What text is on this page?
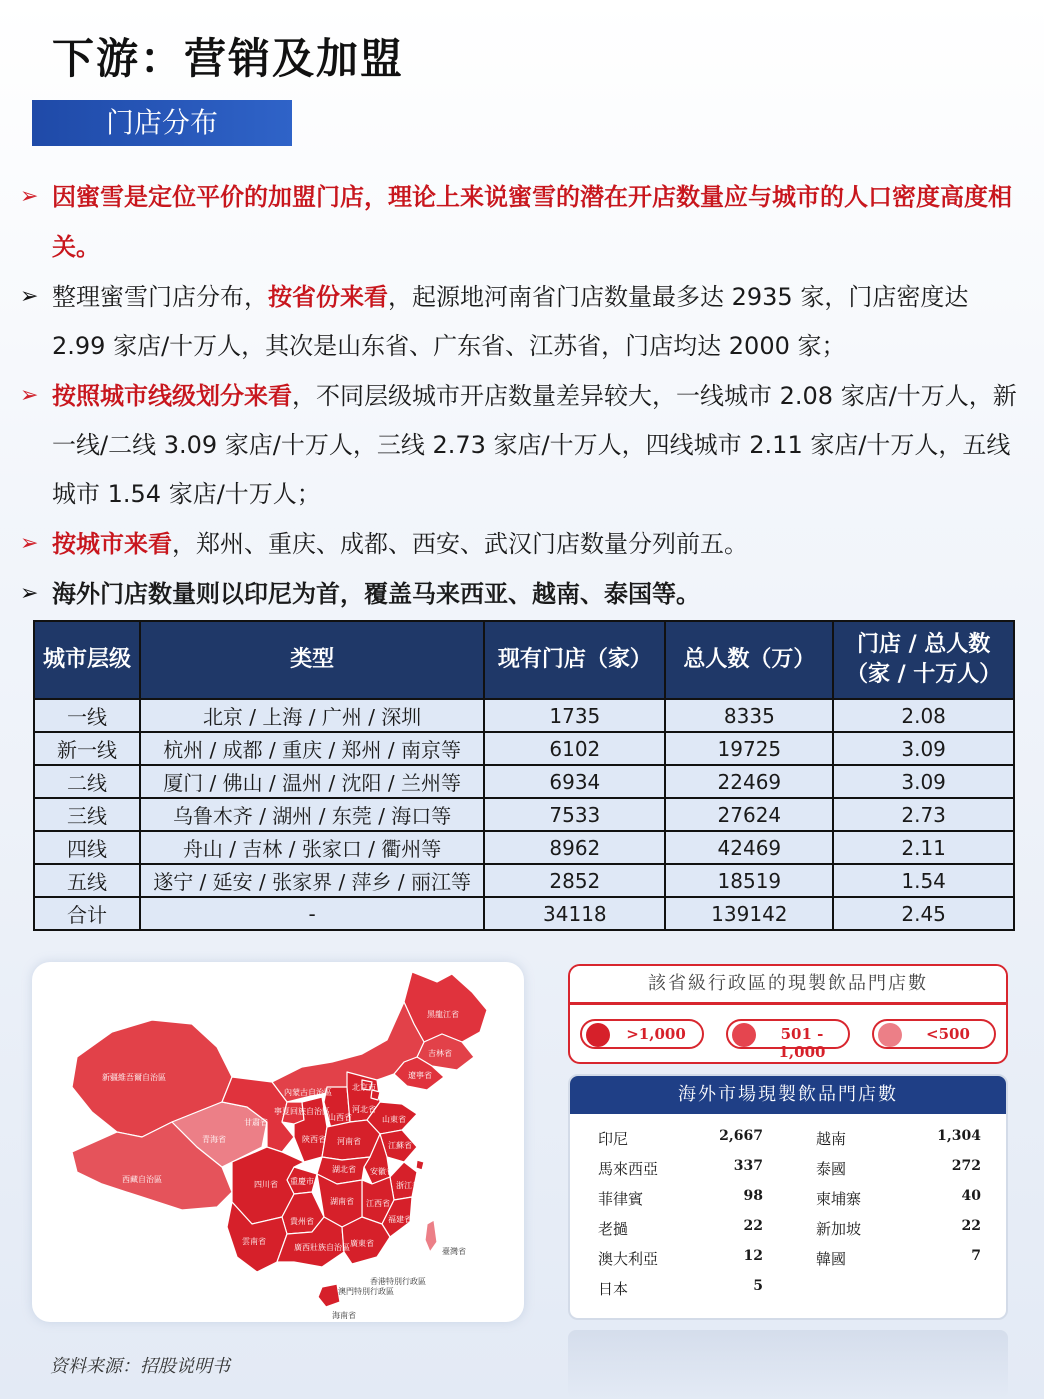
下游：营销及加盟
门店分布
➢ 因蜜雪是定位平价的加盟门店，理论上来说蜜雪的潜在开店数量应与城市的人口密度高度相关。
➢ 整理蜜雪门店分布，按省份来看，起源地河南省门店数量最多达 2935 家，门店密度达 2.99 家店/十万人，其次是山东省、广东省、江苏省，门店均达 2000 家；
➢ 按照城市线级划分来看，不同层级城市开店数量差异较大，一线城市 2.08 家店/十万人，新一线/二线 3.09 家店/十万人，三线 2.73 家店/十万人，四线城市 2.11 家店/十万人，五线城市 1.54 家店/十万人；
➢ 按城市来看，郑州、重庆、成都、西安、武汉门店数量分列前五。
➢ 海外门店数量则以印尼为首，覆盖马来西亚、越南、泰国等。
城市层级	类型	现有门店（家）	总人数（万）	门店 / 总人数
（家 / 十万人）

一线	北京 / 上海 / 广州 / 深圳	1735	8335	2.08
新一线	杭州 / 成都 / 重庆 / 郑州 / 南京等	6102	19725	3.09
二线	厦门 / 佛山 / 温州 / 沈阳 / 兰州等	6934	22469	3.09
三线	乌鲁木齐 / 湖州 / 东莞 / 海口等	7533	27624	2.73
四线	舟山 / 吉林 / 张家口 / 衢州等	8962	42469	2.11
五线	遂宁 / 延安 / 张家界 / 萍乡 / 丽江等	2852	18519	1.54
合计	-	34118	139142	2.45
新疆維吾爾自治區
西藏自治區
青海省
甘肅省
內蒙古自治區
黑龍江省
吉林省
遼寧省
北京市
天津市
河北省
山西省
寧夏回族自治區
陝西省
山東省
河南省	江蘇省
安徽省	上海市
四川省 重慶市
湖北省
浙江省
江西省
湖南省
貴州省	福建省
雲南省
廣西壯族自治區 廣東省
臺灣省
香港特別行政區
澳門特別行政區
海南省
中國
40,000+家
該省級行政區的現製飲品門店數
>1,000	501 - 1,000
<500
海外市場現製飲品門店數
印尼	2,667	越南	1,304
馬來西亞	337	泰國	272
菲律賓	98	柬埔寨	40
老撾	22	新加坡	22
澳大利亞	12	韓國	7
日本	5
资料来源：招股说明书
